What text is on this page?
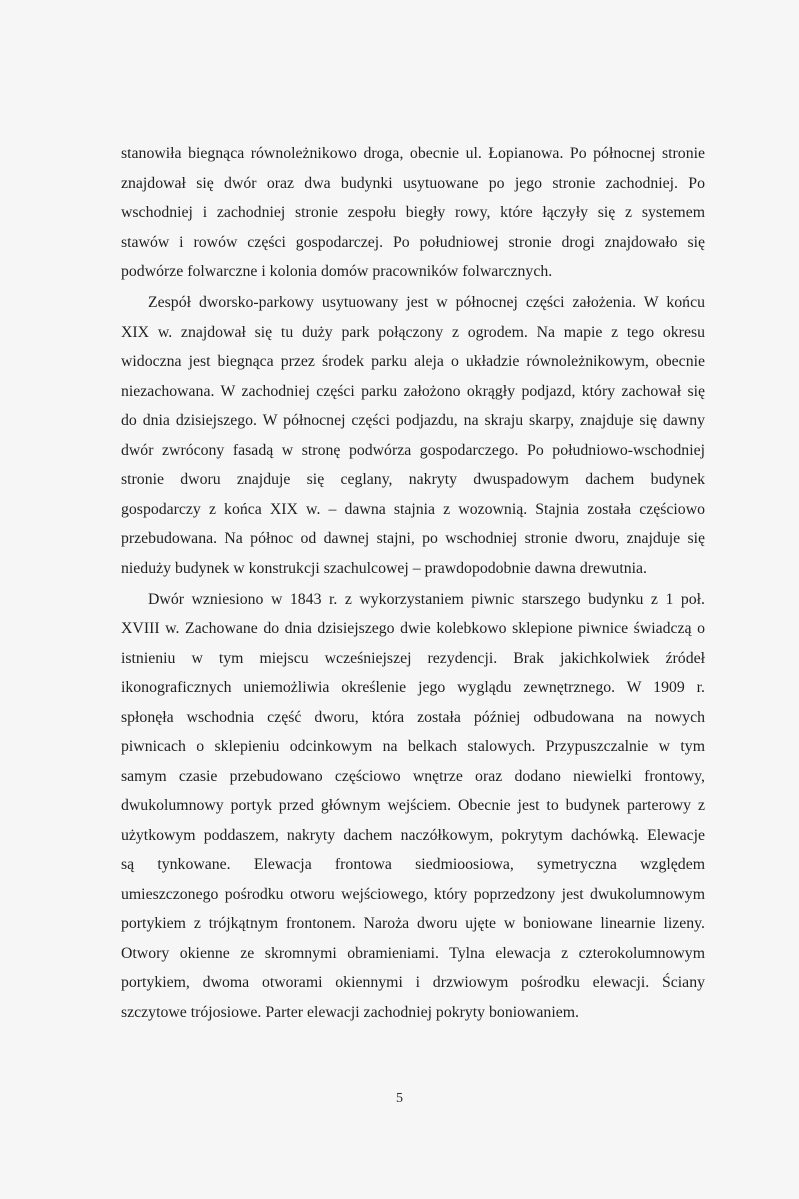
stanowiła biegnąca równoleżnikowo droga, obecnie ul. Łopianowa. Po północnej stronie
znajdował się dwór oraz dwa budynki usytuowane po jego stronie zachodniej. Po
wschodniej i zachodniej stronie zespołu biegły rowy, które łączyły się z systemem
stawów i rowów części gospodarczej. Po południowej stronie drogi znajdowało się
podwórze folwarczne i kolonia domów pracowników folwarcznych.
Zespół dworsko-parkowy usytuowany jest w północnej części założenia. W końcu
XIX w. znajdował się tu duży park połączony z ogrodem. Na mapie z tego okresu
widoczna jest biegnąca przez środek parku aleja o układzie równoleżnikowym, obecnie
niezachowana. W zachodniej części parku założono okrągły podjazd, który zachował się
do dnia dzisiejszego. W północnej części podjazdu, na skraju skarpy, znajduje się dawny
dwór zwrócony fasadą w stronę podwórza gospodarczego. Po południowo-wschodniej
stronie dworu znajduje się ceglany, nakryty dwuspadowym dachem budynek
gospodarczy z końca XIX w. – dawna stajnia z wozownią. Stajnia została częściowo
przebudowana. Na północ od dawnej stajni, po wschodniej stronie dworu, znajduje się
nieduży budynek w konstrukcji szachulcowej – prawdopodobnie dawna drewutnia.
Dwór wzniesiono w 1843 r. z wykorzystaniem piwnic starszego budynku z 1 poł.
XVIII w. Zachowane do dnia dzisiejszego dwie kolebkowo sklepione piwnice świadczą o
istnieniu w tym miejscu wcześniejszej rezydencji. Brak jakichkolwiek źródeł
ikonograficznych uniemożliwia określenie jego wyglądu zewnętrznego. W 1909 r.
spłonęła wschodnia część dworu, która została później odbudowana na nowych
piwnicach o sklepieniu odcinkowym na belkach stalowych. Przypuszczalnie w tym
samym czasie przebudowano częściowo wnętrze oraz dodano niewielki frontowy,
dwukolumnowy portyk przed głównym wejściem. Obecnie jest to budynek parterowy z
użytkowym poddaszem, nakryty dachem naczółkowym, pokrytym dachówką. Elewacje
są tynkowane. Elewacja frontowa siedmioosiowa, symetryczna względem
umieszczonego pośrodku otworu wejściowego, który poprzedzony jest dwukolumnowym
portykiem z trójkątnym frontonem. Naroża dworu ujęte w boniowane linearnie lizeny.
Otwory okienne ze skromnymi obramieniami. Tylna elewacja z czterokolumnowym
portykiem, dwoma otworami okiennymi i drzwiowym pośrodku elewacji. Ściany
szczytowe trójosiowe. Parter elewacji zachodniej pokryty boniowaniem.
5
